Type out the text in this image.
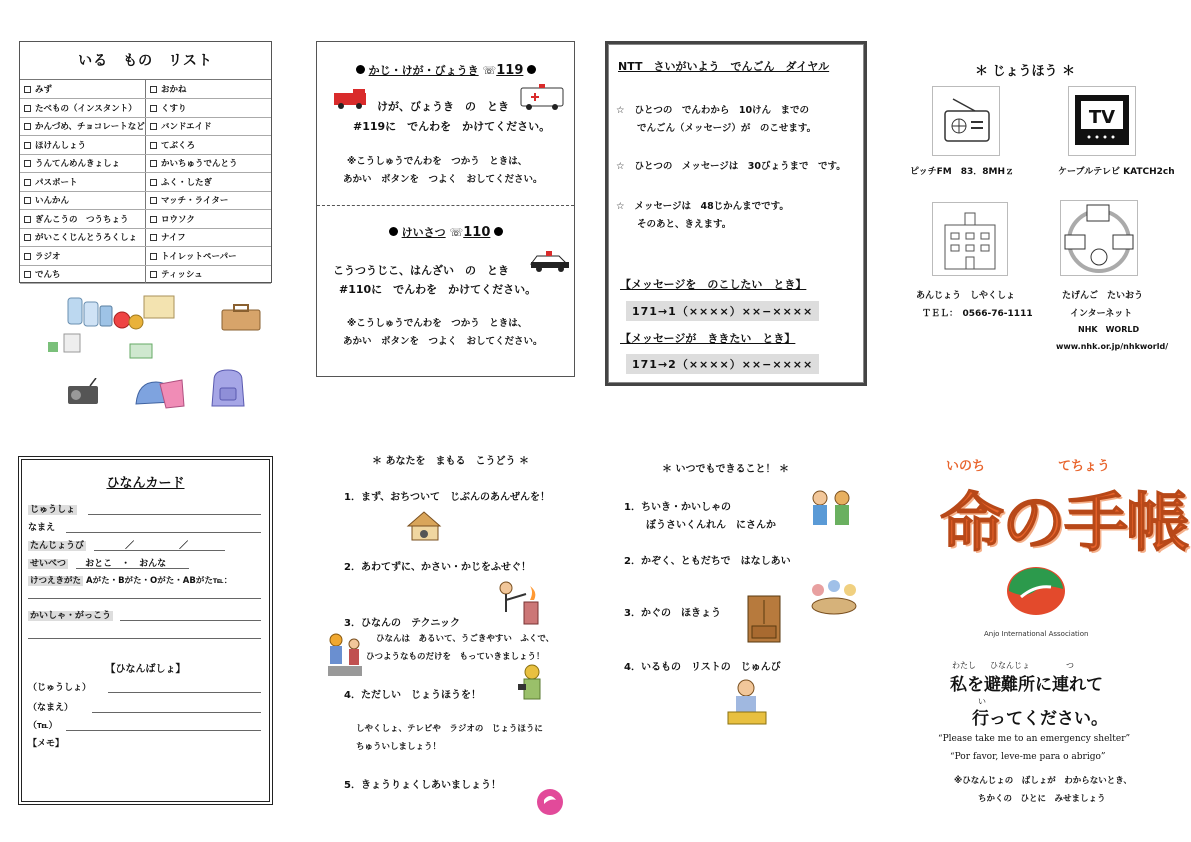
いる　もの　リスト
みず	おかね
たべもの（インスタント）	くすり
かんづめ、チョコレートなど	バンドエイド
ほけんしょう	てぶくろ
うんてんめんきょしょ	かいちゅうでんとう
パスポート	ふく・したぎ
いんかん	マッチ・ライター
ぎんこうの　つうちょう	ロウソク
がいこくじんとうろくしょ	ナイフ
ラジオ	トイレットペーパー
でんち	ティッシュ
かじ・けが・びょうき ☏119
けが、びょうき　の　とき
#119に　でんわを　かけてください。
※こうしゅうでんわを　つかう　ときは、
あかい　ボタンを　つよく　おしてください。
けいさつ ☏110
こうつうじこ、はんざい　の　とき
#110に　でんわを　かけてください。
※こうしゅうでんわを　つかう　ときは、
あかい　ボタンを　つよく　おしてください。
NTT　さいがいよう　でんごん　ダイヤル
☆ ひとつの　でんわから　10けん　までの
でんごん（メッセージ）が　のこせます。
☆ ひとつの　メッセージは　30びょうまで　です。
☆ メッセージは　48じかんまでです。
そのあと、きえます。
【メッセージを　のこしたい　とき】
171→1（××××）××−××××
【メッセージが　ききたい　とき】
171→2（××××）××−××××
＊ じょうほう ＊
TV
ピッチFM　83．8MHｚ	ケーブルテレビ KATCH2ch
あんじょう　しやくしょ
ＴＥＬ：　0566-76-1111
たげんご　たいおう
インターネット
NHK　WORLD
www.nhk.or.jp/nhkworld/
ひなんカード
じゅうしょ
なまえ
たんじょうび	／　　　　　／
せいべつ おとこ　・　おんな
けつえきがた Aがた・Bがた・Oがた・ABがた℡：
かいしゃ・がっこう
【ひなんばしょ】
（じゅうしょ）
（なまえ）
（℡）
【メモ】
＊ あなたを　まもる　こうどう ＊
1．まず、おちついて　じぶんのあんぜんを！
2．あわてずに、かさい・かじをふせぐ！
3．ひなんの　テクニック
ひなんは　あるいて、うごきやすい　ふくで、
ひつようなものだけを　もっていきましょう！
4．ただしい　じょうほうを！
しやくしょ、テレビや　ラジオの　じょうほうに
ちゅういしましょう！
5．きょうりょくしあいましょう！
＊ いつでもできること！ ＊
1．ちいき・かいしゃの
ぼうさいくんれん　にさんか
2．かぞく、ともだちで　はなしあい
3．かぐの　ほきょう
4．いるもの　リストの　じゅんび
いのち	てちょう
命の手帳
Anjo International Association
わたし ひなんじょ	つ
私を避難所に連れて
い
行ってください。
“Please take me to an emergency shelter”
“Por favor, leve-me para o abrigo”
※ひなんじょの　ばしょが　わからないとき、
ちかくの　ひとに　みせましょう
